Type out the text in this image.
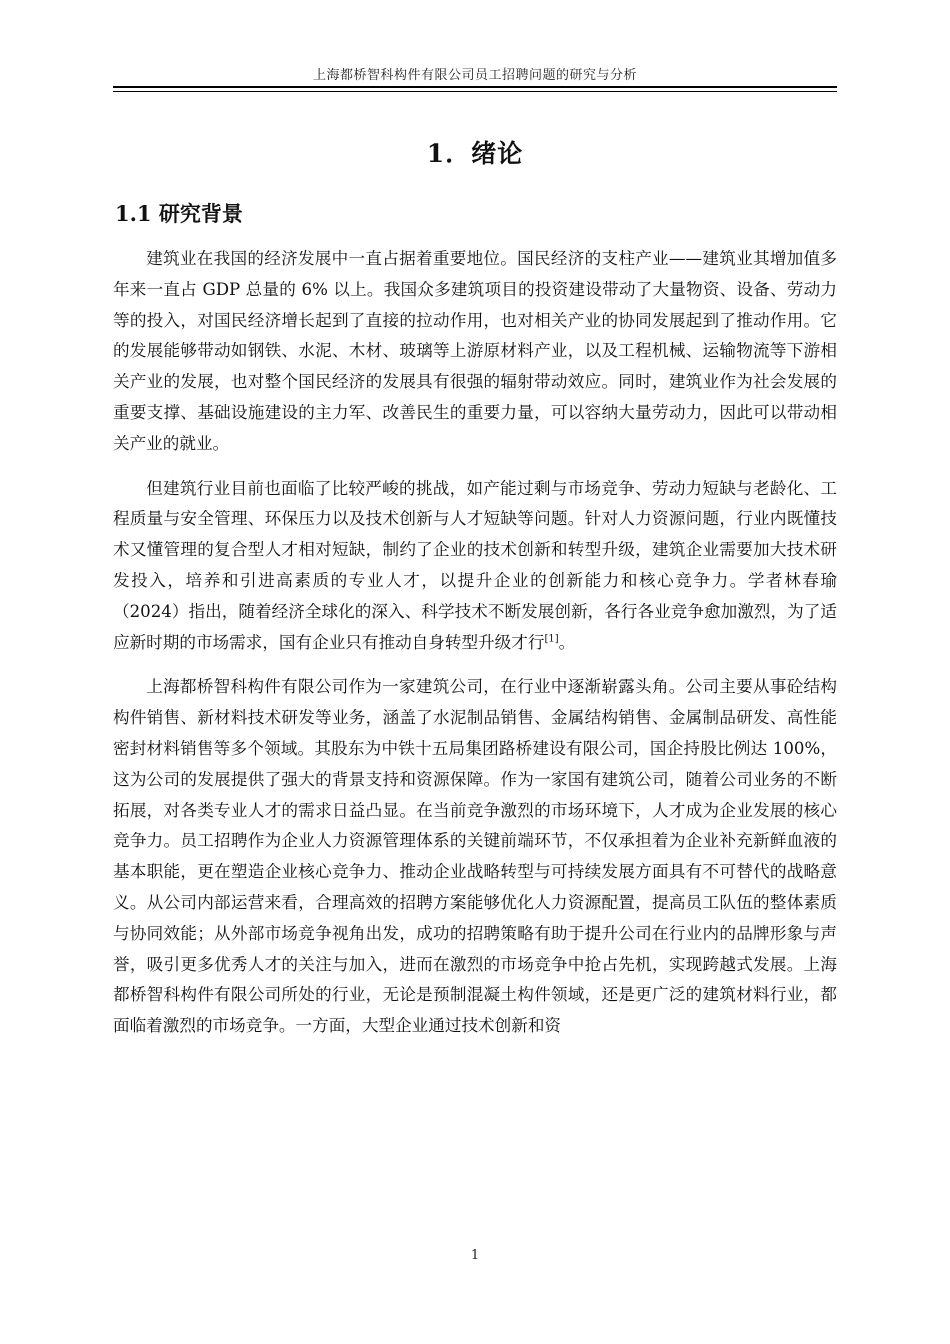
上海都桥智科构件有限公司员工招聘问题的研究与分析
1．绪论
1.1 研究背景

建筑业在我国的经济发展中一直占据着重要地位。国民经济的支柱产业——建筑业其增加值多年来一直占 GDP 总量的 6% 以上。我国众多建筑项目的投资建设带动了大量物资、设备、劳动力等的投入，对国民经济增长起到了直接的拉动作用，也对相关产业的协同发展起到了推动作用。它的发展能够带动如钢铁、水泥、木材、玻璃等上游原材料产业，以及工程机械、运输物流等下游相关产业的发展，也对整个国民经济的发展具有很强的辐射带动效应。同时，建筑业作为社会发展的重要支撑、基础设施建设的主力军、改善民生的重要力量，可以容纳大量劳动力，因此可以带动相关产业的就业。

但建筑行业目前也面临了比较严峻的挑战，如产能过剩与市场竞争、劳动力短缺与老龄化、工程质量与安全管理、环保压力以及技术创新与人才短缺等问题。针对人力资源问题，行业内既懂技术又懂管理的复合型人才相对短缺，制约了企业的技术创新和转型升级，建筑企业需要加大技术研发投入，培养和引进高素质的专业人才，以提升企业的创新能力和核心竞争力。学者林春瑜（2024）指出，随着经济全球化的深入、科学技术不断发展创新，各行各业竞争愈加激烈，为了适应新时期的市场需求，国有企业只有推动自身转型升级才行[1]。

上海都桥智科构件有限公司作为一家建筑公司，在行业中逐渐崭露头角。公司主要从事砼结构构件销售、新材料技术研发等业务，涵盖了水泥制品销售、金属结构销售、金属制品研发、高性能密封材料销售等多个领域。其股东为中铁十五局集团路桥建设有限公司，国企持股比例达 100%，这为公司的发展提供了强大的背景支持和资源保障。作为一家国有建筑公司，随着公司业务的不断拓展，对各类专业人才的需求日益凸显。在当前竞争激烈的市场环境下，人才成为企业发展的核心竞争力。员工招聘作为企业人力资源管理体系的关键前端环节，不仅承担着为企业补充新鲜血液的基本职能，更在塑造企业核心竞争力、推动企业战略转型与可持续发展方面具有不可替代的战略意义。从公司内部运营来看，合理高效的招聘方案能够优化人力资源配置，提高员工队伍的整体素质与协同效能；从外部市场竞争视角出发，成功的招聘策略有助于提升公司在行业内的品牌形象与声誉，吸引更多优秀人才的关注与加入，进而在激烈的市场竞争中抢占先机，实现跨越式发展。上海都桥智科构件有限公司所处的行业，无论是预制混凝土构件领域，还是更广泛的建筑材料行业，都面临着激烈的市场竞争。一方面，大型企业通过技术创新和资

1
